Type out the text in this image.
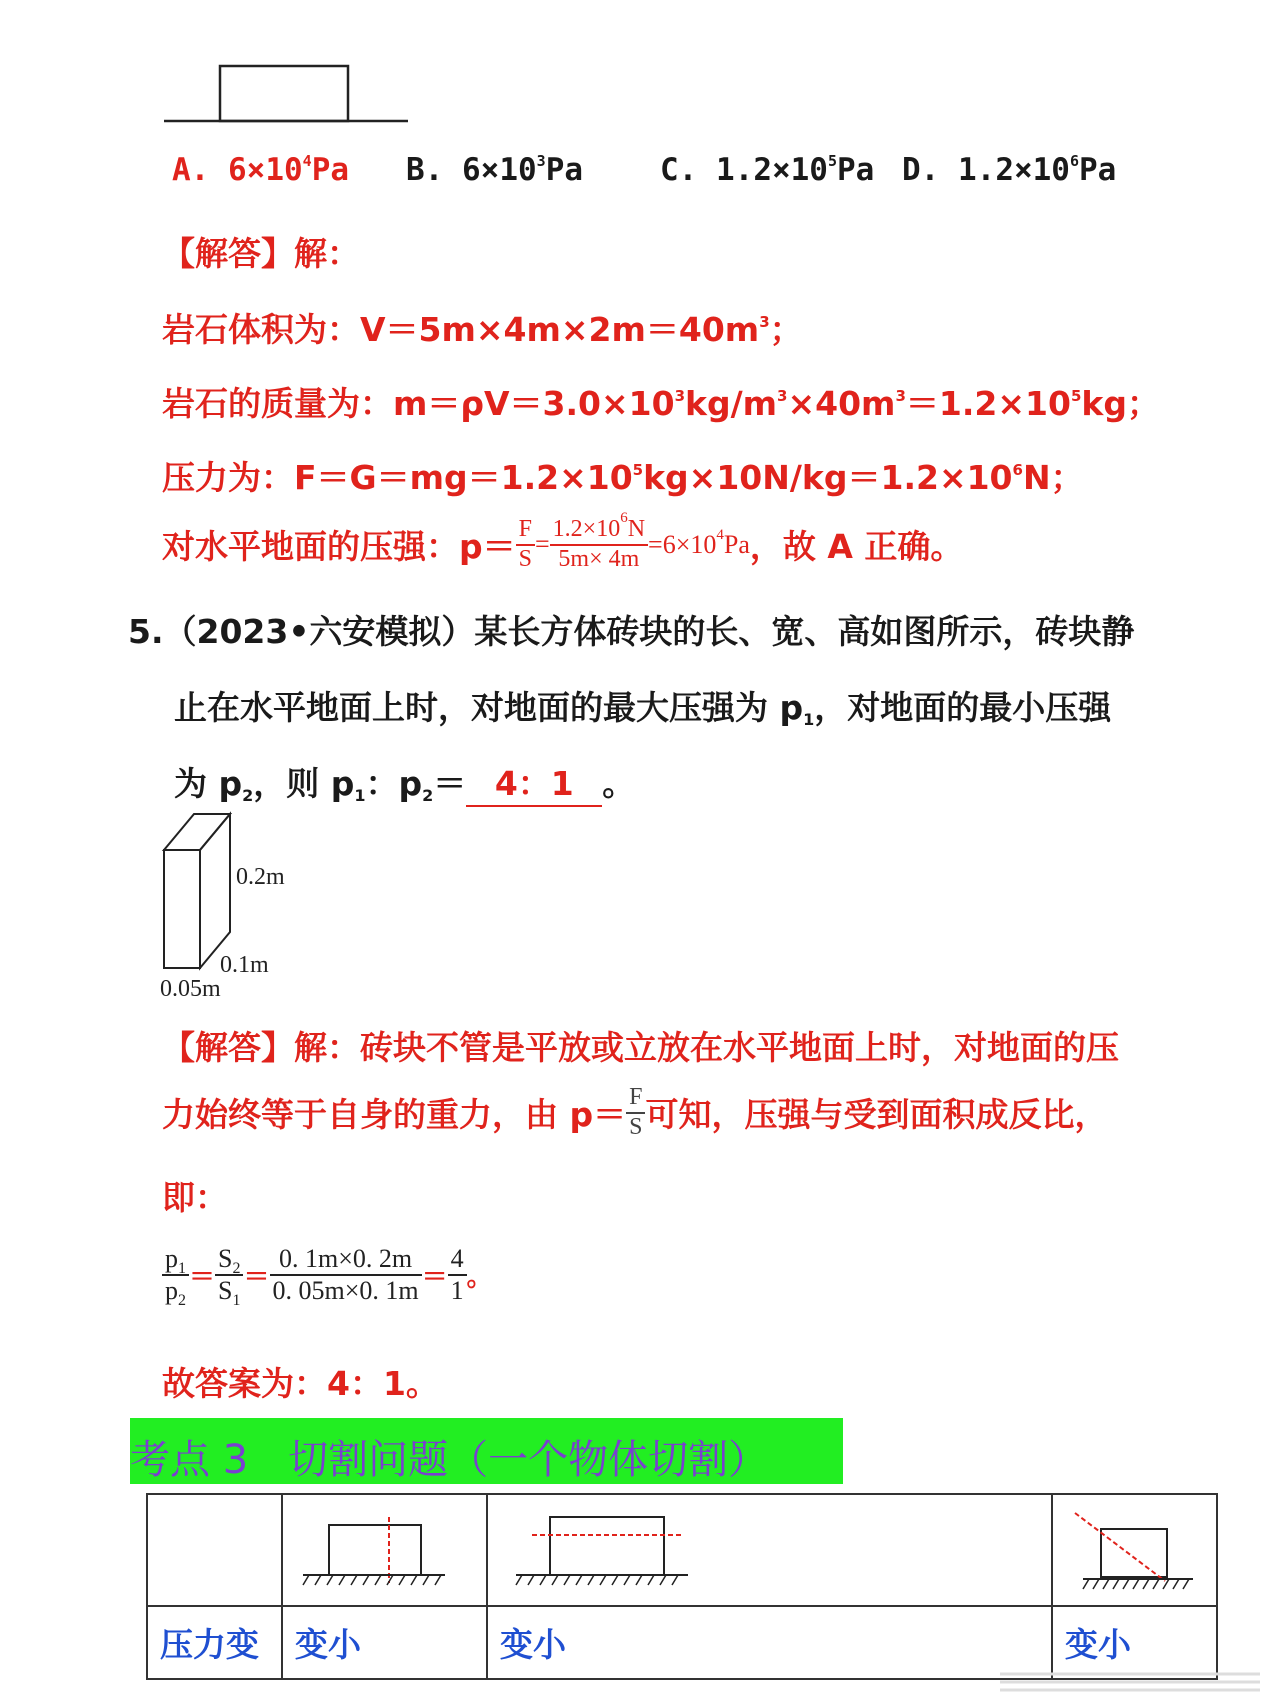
A. $6\times 10^4Pa$ B. $6\times 10^3Pa$ C. $1.2\times 10^5Pa$ D. $1.2\times 10^6Pa$
【解答】解：
岩石体积为：$V=5m\times 4m\times 2m=40m^3$；
岩石的质量为：$m=\rho V=3.0\times 10^3kg/m^3\times 40m^3=1.2\times 10^5kg$；
压力为：$F=G=mg=1.2\times 10^5kg\times 10N/kg=1.2\times 10^6N$；
对水平地面的压强：$p= \frac{F}{S} = \frac{1.2\times 10^6N}{5m\times 4m} =6\times 10^4Pa$，故 A 正确。
5.（2023•六安模拟）某长方体砖块的长、宽、高如图所示，砖块静
止在水平地面上时，对地面的最大压强为 $p_1$，对地面的最小压强
为 $p_2$，则 $p_1$：$p_2= 4$：1 。
0.2m
0.1m
0.05m
【解答】解：砖块不管是平放或立放在水平地面上时，对地面的压
力始终等于自身的重力，由 $p= \frac{F}{S}$ 可知，压强与受到面积成反比，
即：
$\frac{p_1}{p_2} = \frac{S_2}{S_1} = \frac{0. 1m\times 0. 2m}{0. 05m\times 0. 1m} = \frac{4}{1}$ 。
故答案为：4：1。
考点 3　切割问题（一个物体切割）

压力变	变小	变小	变小
